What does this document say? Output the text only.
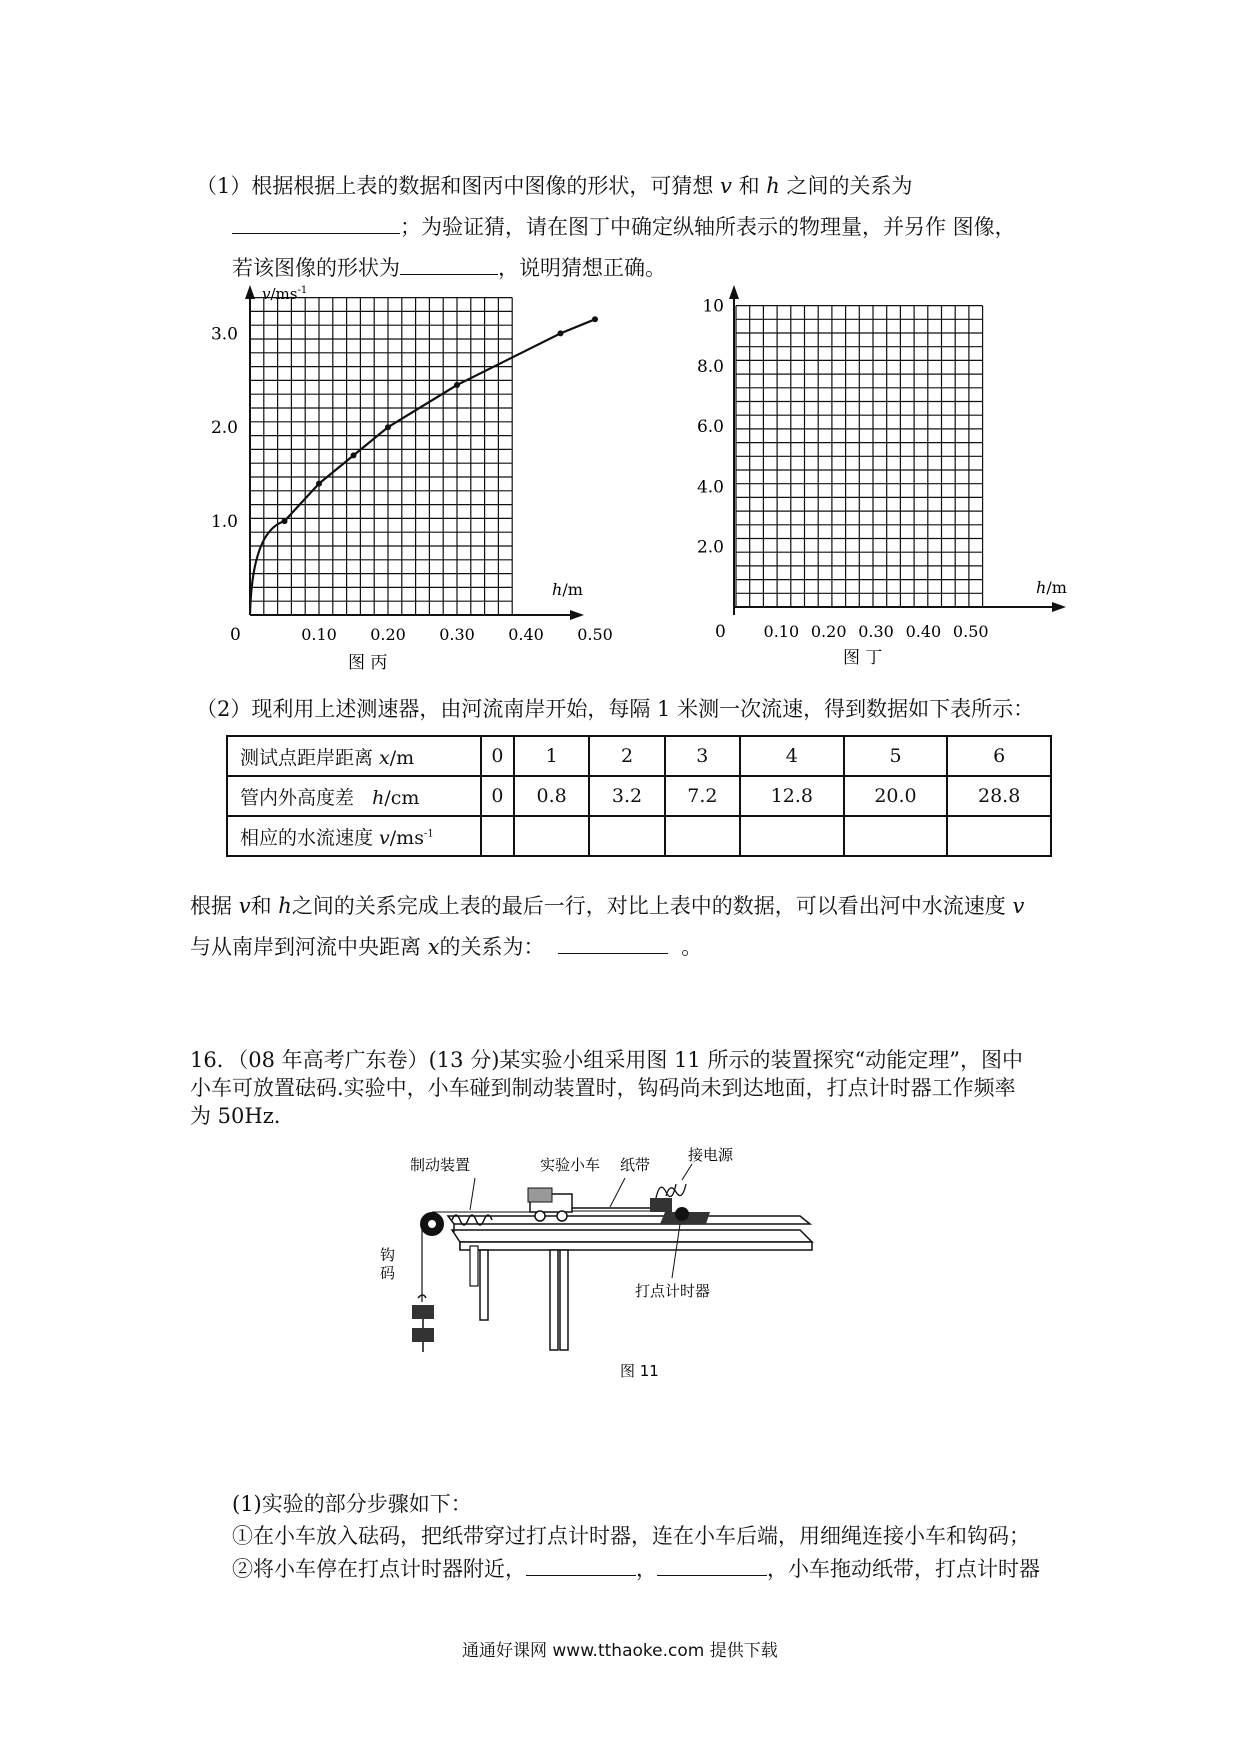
（1）根据根据上表的数据和图丙中图像的形状，可猜想 v 和 h 之间的关系为
；为验证猜，请在图丁中确定纵轴所表示的物理量，并另作 图像，
若该图像的形状为	，说明猜想正确。
$v/ms^{-1}$
h/m
0
1.0
2.0
3.0
0.10 0.20 0.30 0.40 0.50
图 丙
h/m
0
2.0
4.0
6.0
8.0
10
0.10 0.20 0.30 0.40 0.50
图 丁
（2）现利用上述测速器，由河流南岸开始，每隔 1 米测一次流速，得到数据如下表所示：
测试点距岸距离 x/m	0	1	2	3	4	5	6
管内外高度差   h/cm	0	0.8	3.2	7.2	12.8	20.0	28.8
相应的水流速度 $v/ms^{-1}$							
根据 v和 h之间的关系完成上表的最后一行，对比上表中的数据，可以看出河中水流速度 v
与从南岸到河流中央距离 x的关系为：	。
16．（08 年高考广东卷）(13 分)某实验小组采用图 11 所示的装置探究“动能定理”，图中
小车可放置砝码.实验中，小车碰到制动装置时，钩码尚未到达地面，打点计时器工作频率
为 50Hz.
制动装置	实验小车 纸带
接电源
钩
码
打点计时器
图 11
(1)实验的部分步骤如下：
①在小车放入砝码，把纸带穿过打点计时器，连在小车后端，用细绳连接小车和钩码；
②将小车停在打点计时器附近，	，	，小车拖动纸带，打点计时器
通通好课网 www.tthaoke.com 提供下载
